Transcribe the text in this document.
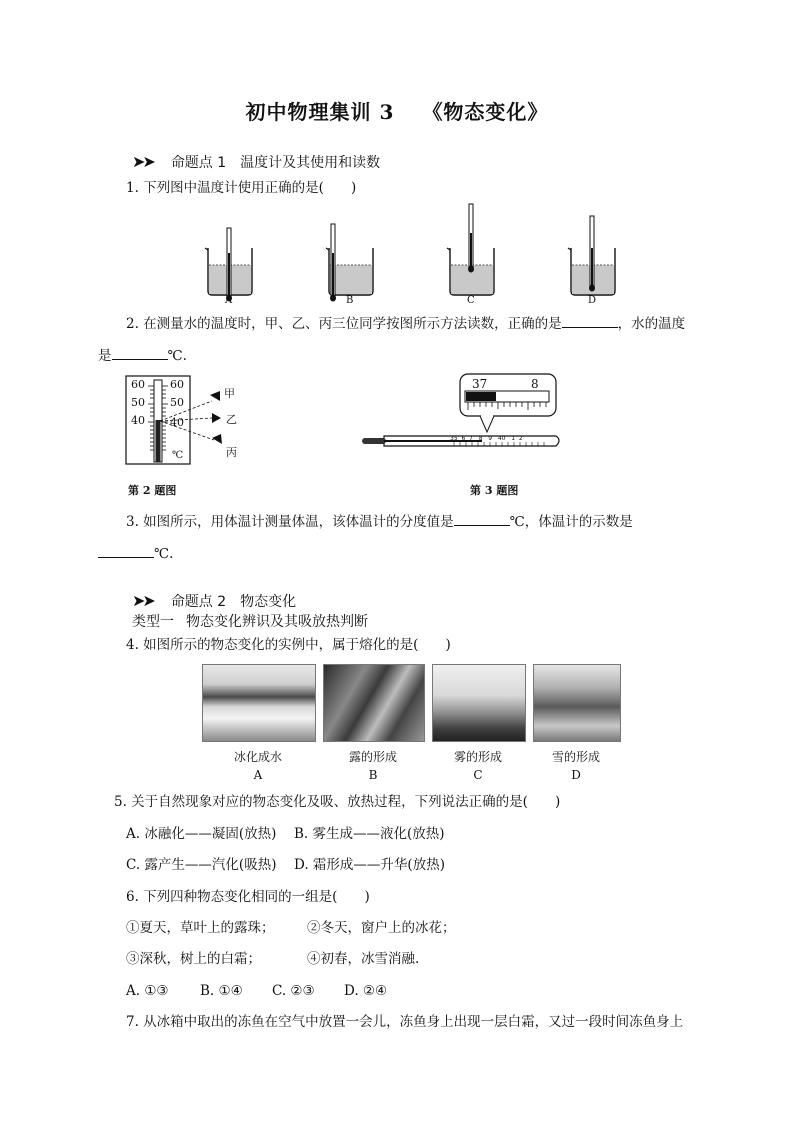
初中物理集训 3 《物态变化》
➤➤ 命题点 1 温度计及其使用和读数
1. 下列图中温度计使用正确的是(　　)
A	B	C	D
2. 在测量水的温度时，甲、乙、丙三位同学按图所示方法读数，正确的是	，水的温度
是	℃.
60
50
40
60
50
40
℃
甲
乙
丙
第 2 题图
37	8
35 6 7 8 9 40 1 2
第 3 题图
3. 如图所示，用体温计测量体温，该体温计的分度值是	℃，体温计的示数是
℃.
➤➤ 命题点 2 物态变化
类型一 物态变化辨识及其吸放热判断
4. 如图所示的物态变化的实例中，属于熔化的是(　　)
冰化成水
A
露的形成
B
雾的形成
C
雪的形成
D
5. 关于自然现象对应的物态变化及吸、放热过程，下列说法正确的是(　　)
A. 冰融化——凝固(放热) B. 雾生成——液化(放热)
C. 露产生——汽化(吸热) D. 霜形成——升华(放热)
6. 下列四种物态变化相同的一组是(　　)
①夏天，草叶上的露珠； ②冬天，窗户上的冰花；
③深秋，树上的白霜；	④初春，冰雪消融.
A. ①③ B. ①④ C. ②③ D. ②④
7. 从冰箱中取出的冻鱼在空气中放置一会儿，冻鱼身上出现一层白霜，又过一段时间冻鱼身上
